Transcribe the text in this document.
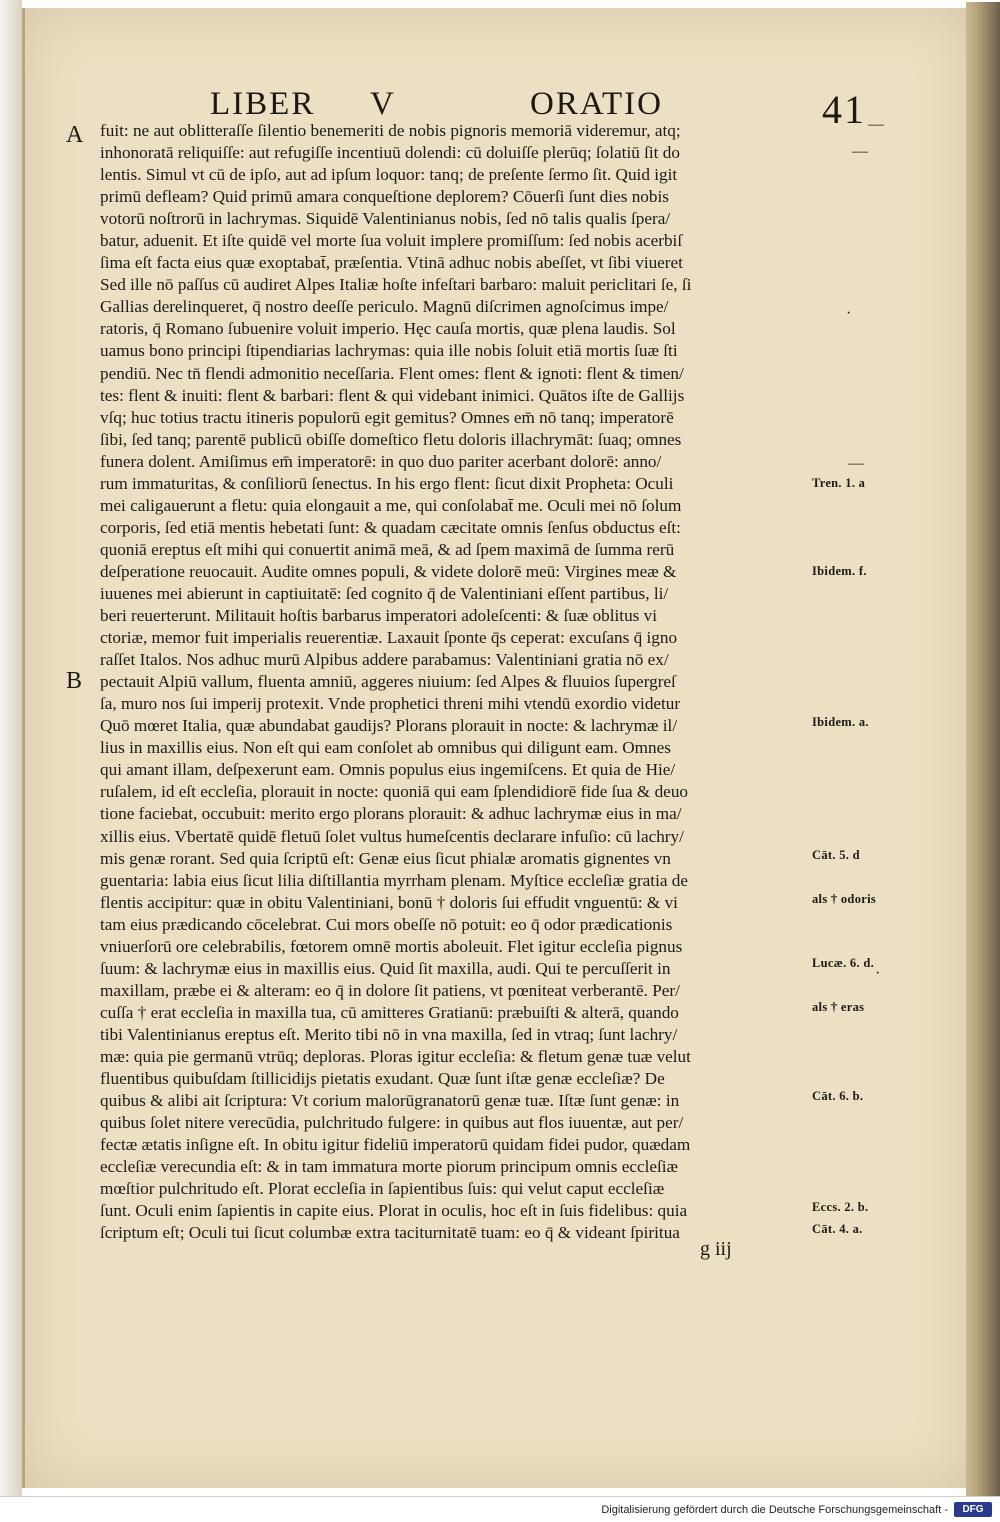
LIBER V	ORATIO	41
A
B
fuit: ne aut oblitteraſſe ſilentio benemeriti de nobis pignoris memoriā videremur, atq;
inhonoratā reliquiſſe: aut refugiſſe incentiuū dolendi: cū doluiſſe plerūq; ſolatiū ſit do
lentis. Simul vt cū de ipſo, aut ad ipſum loquor: tanq; de preſente ſermo ſit. Quid igit
primū defleam? Quid primū amara conqueſtione deplorem? Cōuerſi ſunt dies nobis
votorū noſtrorū in lachrymas. Siquidē Valentinianus nobis, ſed nō talis qualis ſpera/
batur, aduenit. Et iſte quidē vel morte ſua voluit implere promiſſum: ſed nobis acerbiſ
ſima eſt facta eius quæ exoptabat̄, præſentia. Vtinā adhuc nobis abeſſet, vt ſibi viueret
Sed ille nō paſſus cū audiret Alpes Italiæ hoſte infeſtari barbaro: maluit periclitari ſe, ſi
Gallias derelinqueret, q̄ nostro deeſſe periculo. Magnū diſcrimen agnoſcimus impe/
ratoris, q̄ Romano ſubuenire voluit imperio. Hęc cauſa mortis, quæ plena laudis. Sol
uamus bono principi ſtipendiarias lachrymas: quia ille nobis ſoluit etiā mortis ſuæ ſti
pendiū. Nec tn̄ flendi admonitio neceſſaria. Flent omes: flent & ignoti: flent & timen/
tes: flent & inuiti: flent & barbari: flent & qui videbant inimici. Quātos iſte de Gallijs
vſq; huc totius tractu itineris populorū egit gemitus? Omnes em̄ nō tanq; imperatorē
ſibi, ſed tanq; parentē publicū obiſſe domeſtico fletu doloris illachrymāt: ſuaq; omnes
funera dolent. Amiſimus em̄ imperatorē: in quo duo pariter acerbant dolorē: anno/
rum immaturitas, & conſiliorū ſenectus. In his ergo flent: ſicut dixit Propheta: Oculi
mei caligauerunt a fletu: quia elongauit a me, qui conſolabat̄ me. Oculi mei nō ſolum
corporis, ſed etiā mentis hebetati ſunt: & quadam cæcitate omnis ſenſus obductus eſt:
quoniā ereptus eſt mihi qui conuertit animā meā, & ad ſpem maximā de ſumma rerū
deſperatione reuocauit. Audite omnes populi, & videte dolorē meū: Virgines meæ &
iuuenes mei abierunt in captiuitatē: ſed cognito q̄ de Valentiniani eſſent partibus, li/
beri reuerterunt. Militauit hoſtis barbarus imperatori adoleſcenti: & ſuæ oblitus vi
ctoriæ, memor fuit imperialis reuerentiæ. Laxauit ſponte q̄s ceperat: excuſans q̄ igno
raſſet Italos. Nos adhuc murū Alpibus addere parabamus: Valentiniani gratia nō ex/
pectauit Alpiū vallum, fluenta amniū, aggeres niuium: ſed Alpes & fluuios ſupergreſ
ſa, muro nos ſui imperij protexit. Vnde prophetici threni mihi vtendū exordio videtur
Quō mœret Italia, quæ abundabat gaudijs? Plorans plorauit in nocte: & lachrymæ il/
lius in maxillis eius. Non eſt qui eam conſolet ab omnibus qui diligunt eam. Omnes
qui amant illam, deſpexerunt eam. Omnis populus eius ingemiſcens. Et quia de Hie/
ruſalem, id eſt eccleſia, plorauit in nocte: quoniā qui eam ſplendidiorē fide ſua & deuo
tione faciebat, occubuit: merito ergo plorans plorauit: & adhuc lachrymæ eius in ma/
xillis eius. Vbertatē quidē fletuū ſolet vultus humeſcentis declarare infuſio: cū lachry/
mis genæ rorant. Sed quia ſcriptū eſt: Genæ eius ſicut phialæ aromatis gignentes vn
guentaria: labia eius ſicut lilia diſtillantia myrrham plenam. Myſtice eccleſiæ gratia de
flentis accipitur: quæ in obitu Valentiniani, bonū † doloris ſui effudit vnguentū: & vi
tam eius prædicando cōcelebrat. Cui mors obeſſe nō potuit: eo q̄ odor prædicationis
vniuerſorū ore celebrabilis, fœtorem omnē mortis aboleuit. Flet igitur eccleſia pignus
ſuum: & lachrymæ eius in maxillis eius. Quid ſit maxilla, audi. Qui te percuſſerit in
maxillam, præbe ei & alteram: eo q̄ in dolore ſit patiens, vt pœniteat verberantē. Per/
cuſſa † erat eccleſia in maxilla tua, cū amitteres Gratianū: præbuiſti & alterā, quando
tibi Valentinianus ereptus eſt. Merito tibi nō in vna maxilla, ſed in vtraq; ſunt lachry/
mæ: quia pie germanū vtrūq; deploras. Ploras igitur eccleſia: & fletum genæ tuæ velut
fluentibus quibuſdam ſtillicidijs pietatis exudant. Quæ ſunt iſtæ genæ eccleſiæ? De
quibus & alibi ait ſcriptura: Vt corium malorūgranatorū genæ tuæ. Iſtæ ſunt genæ: in
quibus ſolet nitere verecūdia, pulchritudo fulgere: in quibus aut flos iuuentæ, aut per/
fectæ ætatis inſigne eſt. In obitu igitur fideliū imperatorū quidam fidei pudor, quædam
eccleſiæ verecundia eſt: & in tam immatura morte piorum principum omnis eccleſiæ
mœſtior pulchritudo eſt. Plorat eccleſia in ſapientibus ſuis: qui velut caput eccleſiæ
ſunt. Oculi enim ſapientis in capite eius. Plorat in oculis, hoc eſt in ſuis fidelibus: quia
ſcriptum eſt; Oculi tui ſicut columbæ extra taciturnitatē tuam: eo q̄ & videant ſpiritua
—
—
·
—
·
Tren. 1. a
Ibidem. f.
Ibidem. a.
Cāt. 5. d
als † odoris
Lucæ. 6. d.
als † eras
Cāt. 6. b.
Eccs. 2. b.
Cāt. 4. a.
g iij
Digitalisierung gefördert durch die Deutsche Forschungsgemeinschaft -	DFG
